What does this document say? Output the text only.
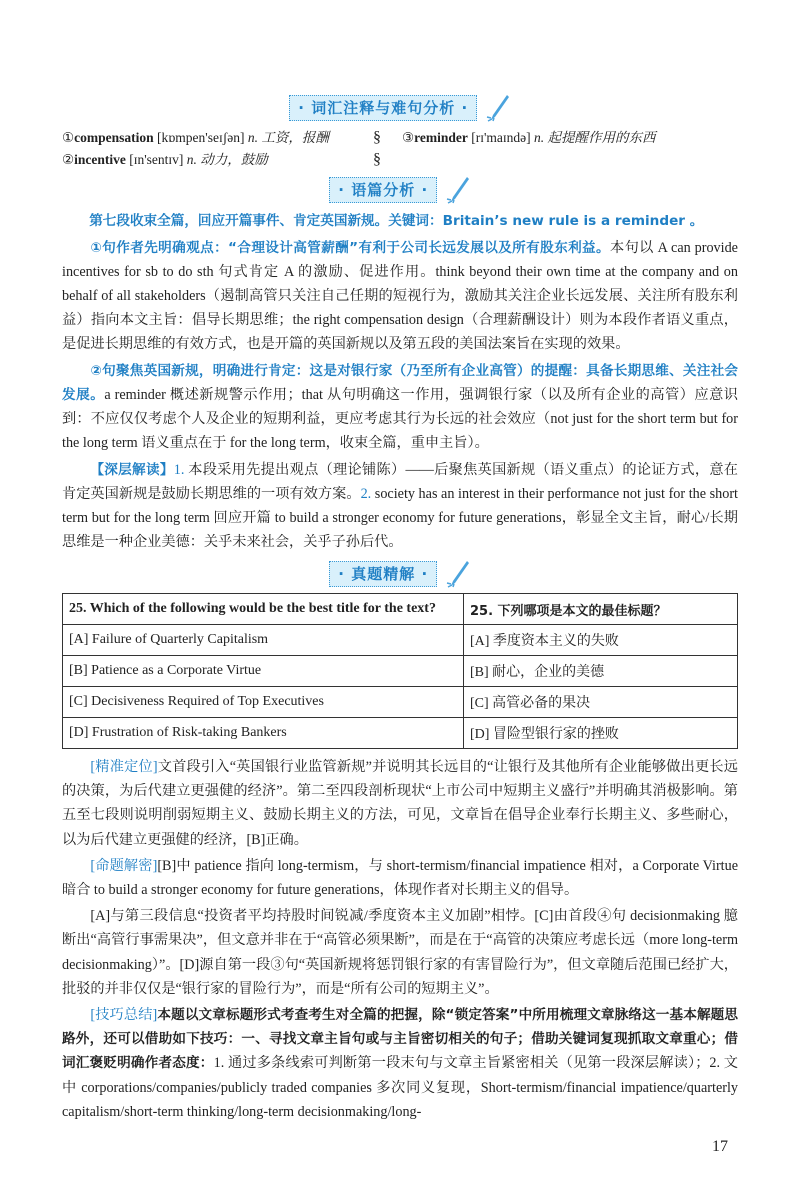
· 词汇注释与难句分析 ·
①compensation [kɒmpen'seɪʃən] n. 工资，报酬
②incentive [ɪn'sentɪv] n. 动力，鼓励
§
§
③reminder [rɪ'maɪndə] n. 起提醒作用的东西
· 语篇分析 ·

第七段收束全篇，回应开篇事件、肯定英国新规。关键词：Britain’s new rule is a reminder 。

①句作者先明确观点：“合理设计高管薪酬”有利于公司长远发展以及所有股东利益。本句以 A can provide incentives for sb to do sth 句式肯定 A 的激励、促进作用。think beyond their own time at the company and on behalf of all stakeholders（遏制高管只关注自己任期的短视行为，激励其关注企业长远发展、关注所有股东利益）指向本文主旨：倡导长期思维；the right compensation design（合理薪酬设计）则为本段作者语义重点，是促进长期思维的有效方式，也是开篇的英国新规以及第五段的美国法案旨在实现的效果。

②句聚焦英国新规，明确进行肯定：这是对银行家（乃至所有企业高管）的提醒：具备长期思维、关注社会发展。a reminder 概述新规警示作用；that 从句明确这一作用，强调银行家（以及所有企业的高管）应意识到：不应仅仅考虑个人及企业的短期利益，更应考虑其行为长远的社会效应（not just for the short term but for the long term 语义重点在于 for the long term，收束全篇，重申主旨）。

【深层解读】1. 本段采用先提出观点（理论铺陈）——后聚焦英国新规（语义重点）的论证方式，意在肯定英国新规是鼓励长期思维的一项有效方案。2. society has an interest in their performance not just for the short term but for the long term 回应开篇 to build a stronger economy for future generations，彰显全文主旨，耐心/长期思维是一种企业美德：关乎未来社会，关乎子孙后代。

· 真题精解 ·
25. Which of the following would be the best title for the text?	25. 下列哪项是本文的最佳标题？
[A] Failure of Quarterly Capitalism	[A] 季度资本主义的失败
[B] Patience as a Corporate Virtue	[B] 耐心，企业的美德
[C] Decisiveness Required of Top Executives	[C] 高管必备的果决
[D] Frustration of Risk-taking Bankers	[D] 冒险型银行家的挫败

[精准定位]文首段引入“英国银行业监管新规”并说明其长远目的“让银行及其他所有企业能够做出更长远的决策，为后代建立更强健的经济”。第二至四段剖析现状“上市公司中短期主义盛行”并明确其消极影响。第五至七段则说明削弱短期主义、鼓励长期主义的方法，可见，文章旨在倡导企业奉行长期主义、多些耐心，以为后代建立更强健的经济，[B]正确。

[命题解密][B]中 patience 指向 long-termism，与 short-termism/financial impatience 相对，a Corporate Virtue 暗合 to build a stronger economy for future generations，体现作者对长期主义的倡导。

[A]与第三段信息“投资者平均持股时间锐减/季度资本主义加剧”相悖。[C]由首段④句 decisionmaking 臆断出“高管行事需果决”，但文意并非在于“高管必须果断”，而是在于“高管的决策应考虑长远（more long-term decisionmaking）”。[D]源自第一段③句“英国新规将惩罚银行家的有害冒险行为”，但文章随后范围已经扩大，批驳的并非仅仅是“银行家的冒险行为”，而是“所有公司的短期主义”。

[技巧总结]本题以文章标题形式考查考生对全篇的把握，除“锁定答案”中所用梳理文章脉络这一基本解题思路外，还可以借助如下技巧：一、寻找文章主旨句或与主旨密切相关的句子；借助关键词复现抓取文章重心；借词汇褒贬明确作者态度：1. 通过多条线索可判断第一段末句与文章主旨紧密相关（见第一段深层解读）；2. 文中 corporations/companies/publicly traded companies 多次同义复现，Short-termism/financial impatience/quarterly capitalism/short-term thinking/long-term decisionmaking/long-

17
